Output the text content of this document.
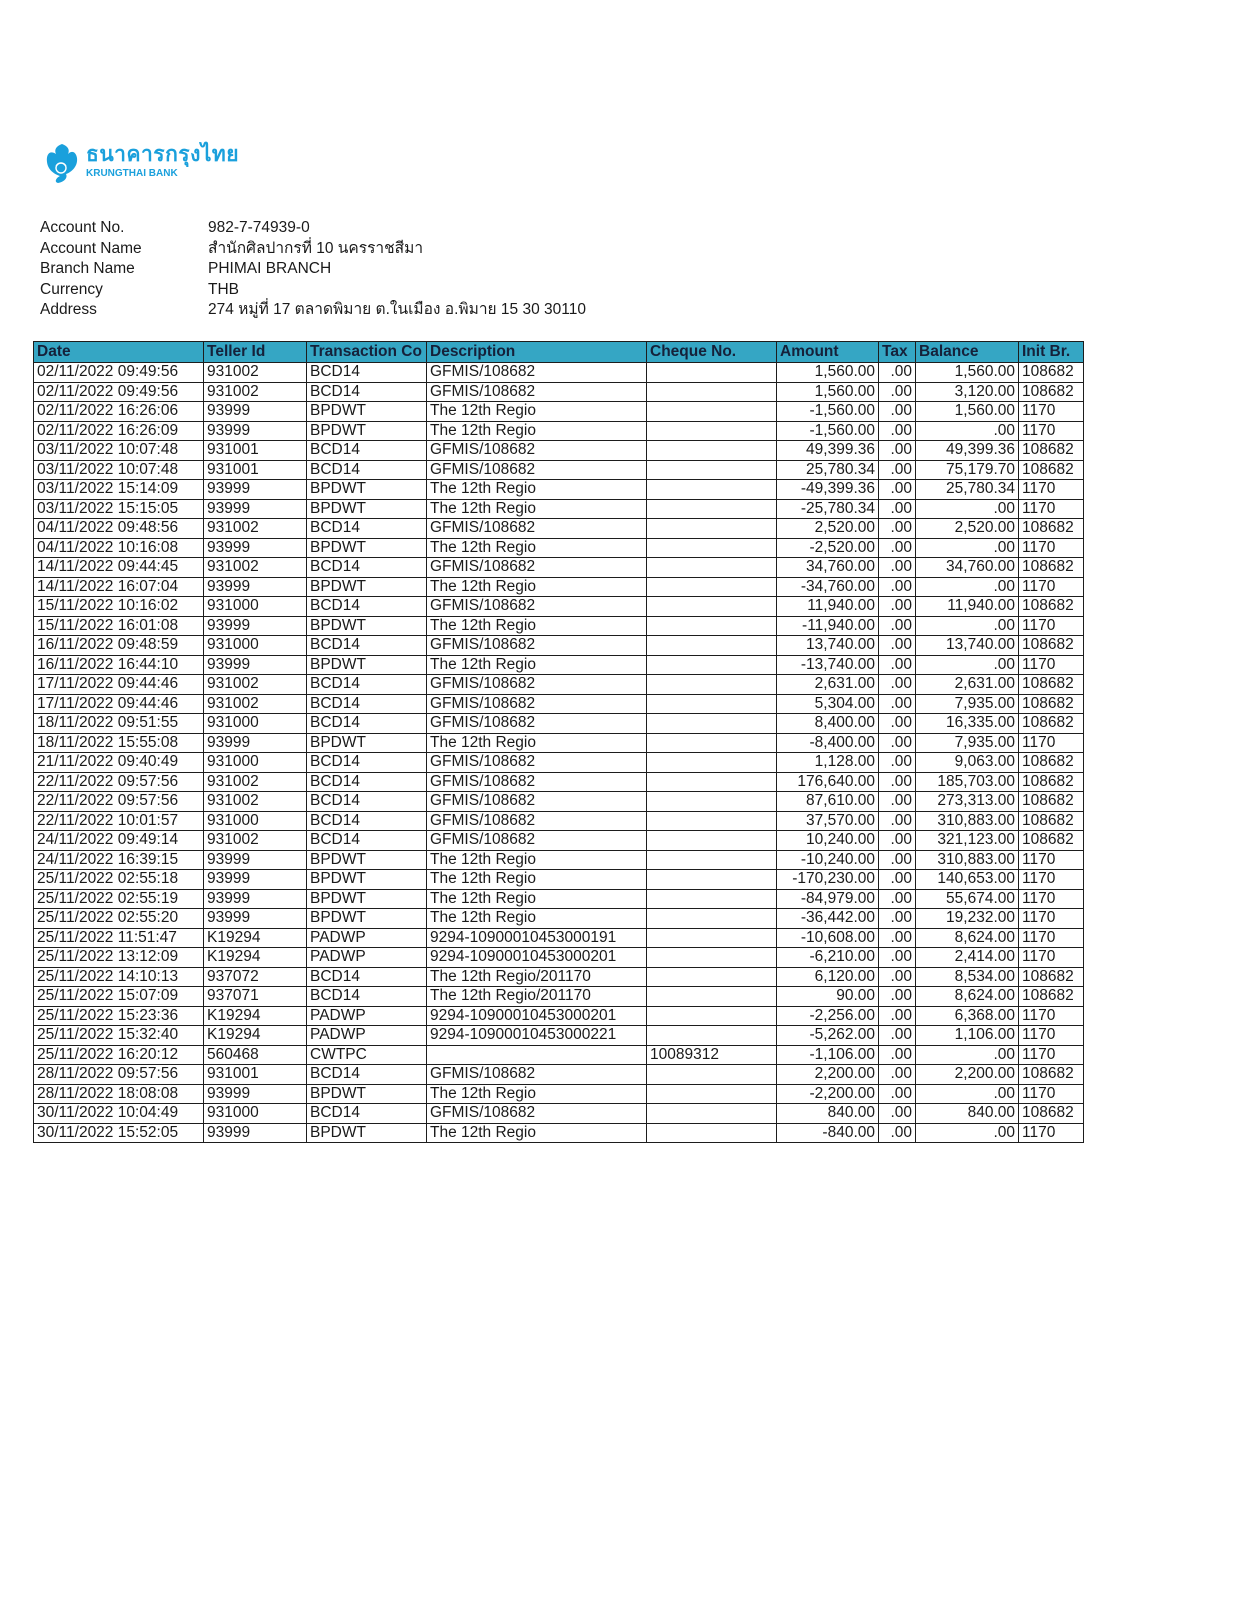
ธนาคารกรุงไทย
KRUNGTHAI BANK
Account No.	982-7-74939-0
Account Name	สำนักศิลปากรที่ 10 นครราชสีมา
Branch Name	PHIMAI BRANCH
Currency	THB
Address	274 หมู่ที่ 17 ตลาดพิมาย ต.ในเมือง อ.พิมาย 15 30 30110
Date	Teller Id	Transaction Co	Description	Cheque No.	Amount	Tax	Balance	Init Br.
02/11/2022 09:49:56	931002	BCD14	GFMIS/108682		1,560.00	.00	1,560.00	108682
02/11/2022 09:49:56	931002	BCD14	GFMIS/108682		1,560.00	.00	3,120.00	108682
02/11/2022 16:26:06	93999	BPDWT	The 12th Regio		-1,560.00	.00	1,560.00	1170
02/11/2022 16:26:09	93999	BPDWT	The 12th Regio		-1,560.00	.00	.00	1170
03/11/2022 10:07:48	931001	BCD14	GFMIS/108682		49,399.36	.00	49,399.36	108682
03/11/2022 10:07:48	931001	BCD14	GFMIS/108682		25,780.34	.00	75,179.70	108682
03/11/2022 15:14:09	93999	BPDWT	The 12th Regio		-49,399.36	.00	25,780.34	1170
03/11/2022 15:15:05	93999	BPDWT	The 12th Regio		-25,780.34	.00	.00	1170
04/11/2022 09:48:56	931002	BCD14	GFMIS/108682		2,520.00	.00	2,520.00	108682
04/11/2022 10:16:08	93999	BPDWT	The 12th Regio		-2,520.00	.00	.00	1170
14/11/2022 09:44:45	931002	BCD14	GFMIS/108682		34,760.00	.00	34,760.00	108682
14/11/2022 16:07:04	93999	BPDWT	The 12th Regio		-34,760.00	.00	.00	1170
15/11/2022 10:16:02	931000	BCD14	GFMIS/108682		11,940.00	.00	11,940.00	108682
15/11/2022 16:01:08	93999	BPDWT	The 12th Regio		-11,940.00	.00	.00	1170
16/11/2022 09:48:59	931000	BCD14	GFMIS/108682		13,740.00	.00	13,740.00	108682
16/11/2022 16:44:10	93999	BPDWT	The 12th Regio		-13,740.00	.00	.00	1170
17/11/2022 09:44:46	931002	BCD14	GFMIS/108682		2,631.00	.00	2,631.00	108682
17/11/2022 09:44:46	931002	BCD14	GFMIS/108682		5,304.00	.00	7,935.00	108682
18/11/2022 09:51:55	931000	BCD14	GFMIS/108682		8,400.00	.00	16,335.00	108682
18/11/2022 15:55:08	93999	BPDWT	The 12th Regio		-8,400.00	.00	7,935.00	1170
21/11/2022 09:40:49	931000	BCD14	GFMIS/108682		1,128.00	.00	9,063.00	108682
22/11/2022 09:57:56	931002	BCD14	GFMIS/108682		176,640.00	.00	185,703.00	108682
22/11/2022 09:57:56	931002	BCD14	GFMIS/108682		87,610.00	.00	273,313.00	108682
22/11/2022 10:01:57	931000	BCD14	GFMIS/108682		37,570.00	.00	310,883.00	108682
24/11/2022 09:49:14	931002	BCD14	GFMIS/108682		10,240.00	.00	321,123.00	108682
24/11/2022 16:39:15	93999	BPDWT	The 12th Regio		-10,240.00	.00	310,883.00	1170
25/11/2022 02:55:18	93999	BPDWT	The 12th Regio		-170,230.00	.00	140,653.00	1170
25/11/2022 02:55:19	93999	BPDWT	The 12th Regio		-84,979.00	.00	55,674.00	1170
25/11/2022 02:55:20	93999	BPDWT	The 12th Regio		-36,442.00	.00	19,232.00	1170
25/11/2022 11:51:47	K19294	PADWP	9294-10900010453000191		-10,608.00	.00	8,624.00	1170
25/11/2022 13:12:09	K19294	PADWP	9294-10900010453000201		-6,210.00	.00	2,414.00	1170
25/11/2022 14:10:13	937072	BCD14	The 12th Regio/201170		6,120.00	.00	8,534.00	108682
25/11/2022 15:07:09	937071	BCD14	The 12th Regio/201170		90.00	.00	8,624.00	108682
25/11/2022 15:23:36	K19294	PADWP	9294-10900010453000201		-2,256.00	.00	6,368.00	1170
25/11/2022 15:32:40	K19294	PADWP	9294-10900010453000221		-5,262.00	.00	1,106.00	1170
25/11/2022 16:20:12	560468	CWTPC		10089312	-1,106.00	.00	.00	1170
28/11/2022 09:57:56	931001	BCD14	GFMIS/108682		2,200.00	.00	2,200.00	108682
28/11/2022 18:08:08	93999	BPDWT	The 12th Regio		-2,200.00	.00	.00	1170
30/11/2022 10:04:49	931000	BCD14	GFMIS/108682		840.00	.00	840.00	108682
30/11/2022 15:52:05	93999	BPDWT	The 12th Regio		-840.00	.00	.00	1170
